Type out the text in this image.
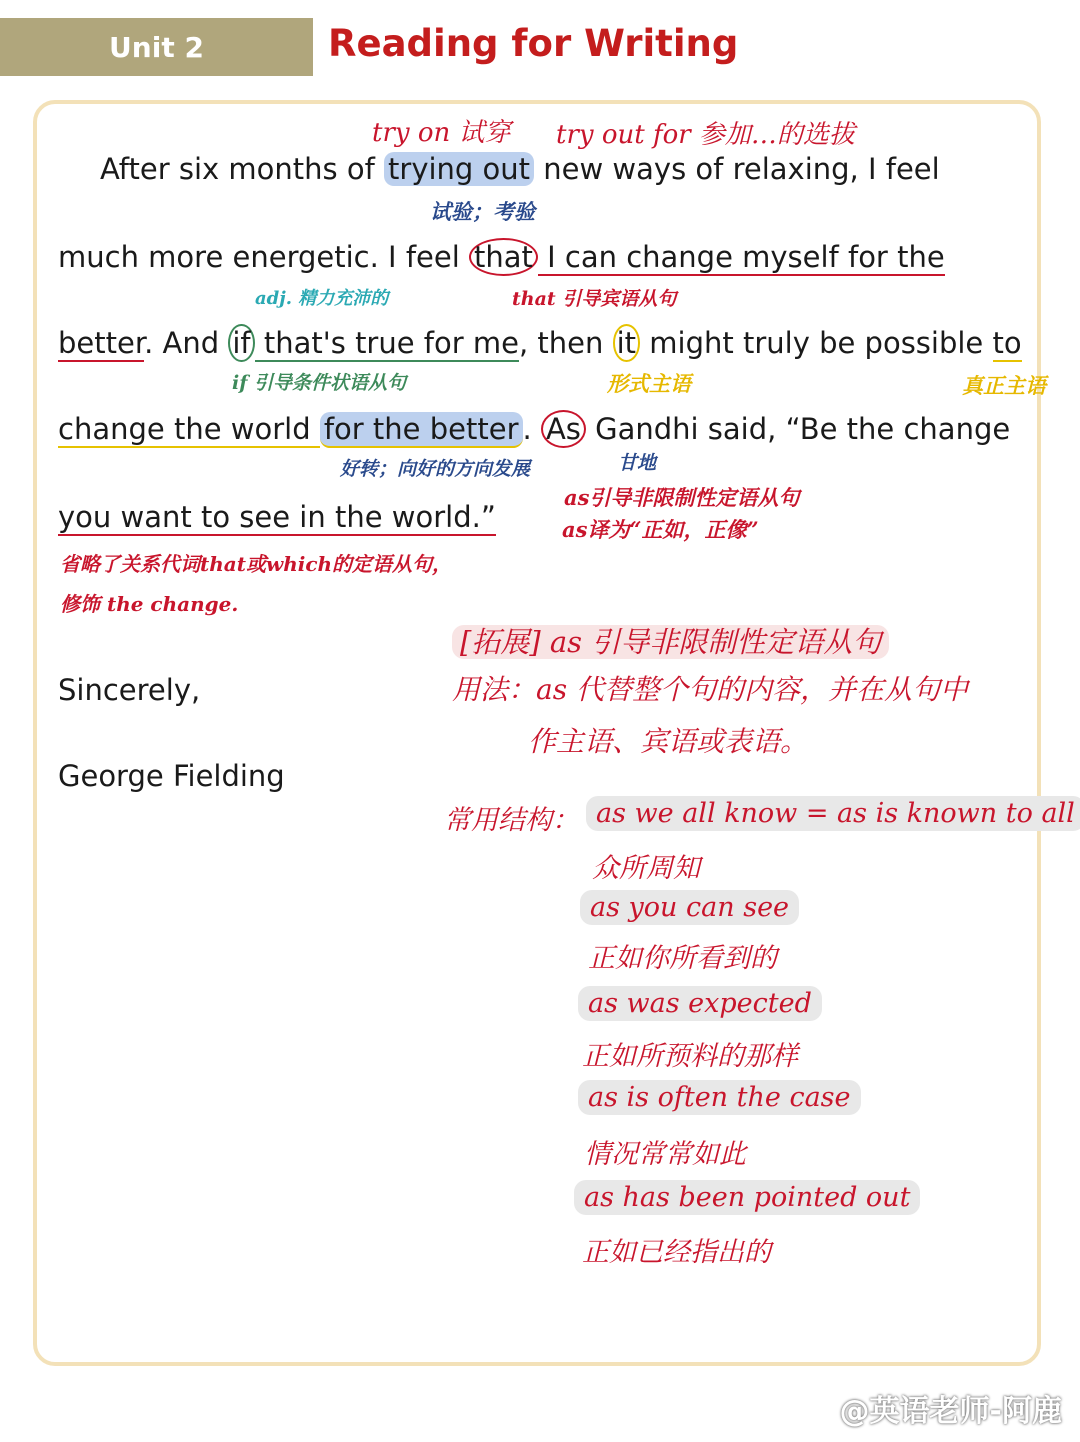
Unit 2	Reading for Writing
try on 试穿 try out for 参加…的选拔
After six months of trying out new ways of relaxing, I feel
试验；考验
much more energetic. I feel that I can change myself for the
adj. 精力充沛的	that 引导宾语从句
better. And if that's true for me, then it might truly be possible to
if 引导条件状语从句	形式主语	真正主语
change the world for the better . As Gandhi said, “Be the change
好转；向好的方向发展	甘地
you want to see in the world.”
as引导非限制性定语从句
as译为“正如，正像”
省略了关系代词that或which的定语从句，
修饰 the change.
[拓展] as 引导非限制性定语从句
用法：as 代替整个句的内容，并在从句中
作主语、宾语或表语。
Sincerely,
George Fielding
常用结构： as we all know = as is known to all
众所周知
as you can see
正如你所看到的
as was expected
正如所预料的那样
as is often the case
情况常常如此
as has been pointed out
正如已经指出的
@英语老师-阿鹿
